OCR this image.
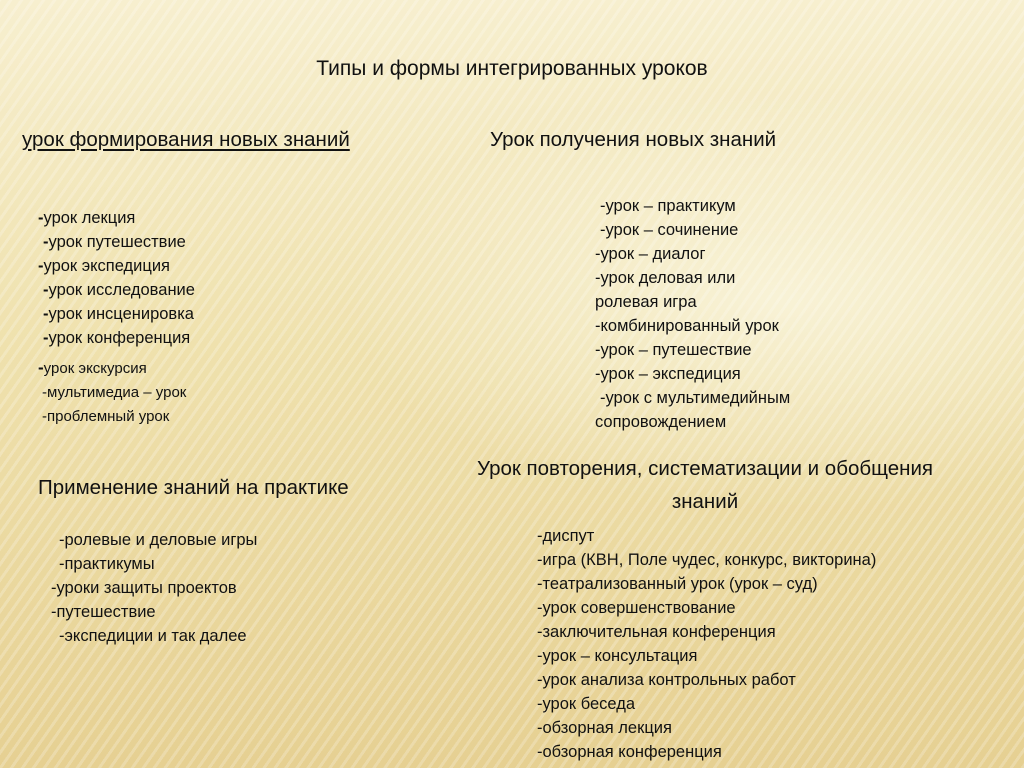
Типы и формы интегрированных уроков
урок формирования новых знаний
-урок лекция
-урок путешествие
-урок экспедиция
-урок исследование
-урок инсценировка
-урок конференция
-урок экскурсия
-мультимедиа – урок
-проблемный урок
Урок получения новых знаний
-урок – практикум
-урок – сочинение
-урок – диалог
-урок деловая или
ролевая игра
-комбинированный урок
-урок – путешествие
-урок – экспедиция
-урок с мультимедийным
сопровождением
Применение знаний на практике
-ролевые и деловые игры
-практикумы
-уроки защиты проектов
-путешествие
-экспедиции и так далее
Урок повторения, систематизации и обобщения знаний
-диспут
-игра (КВН, Поле чудес, конкурс, викторина)
-театрализованный урок (урок – суд)
-урок совершенствование
-заключительная конференция
-урок – консультация
-урок анализа контрольных работ
-урок беседа
-обзорная лекция
-обзорная конференция
